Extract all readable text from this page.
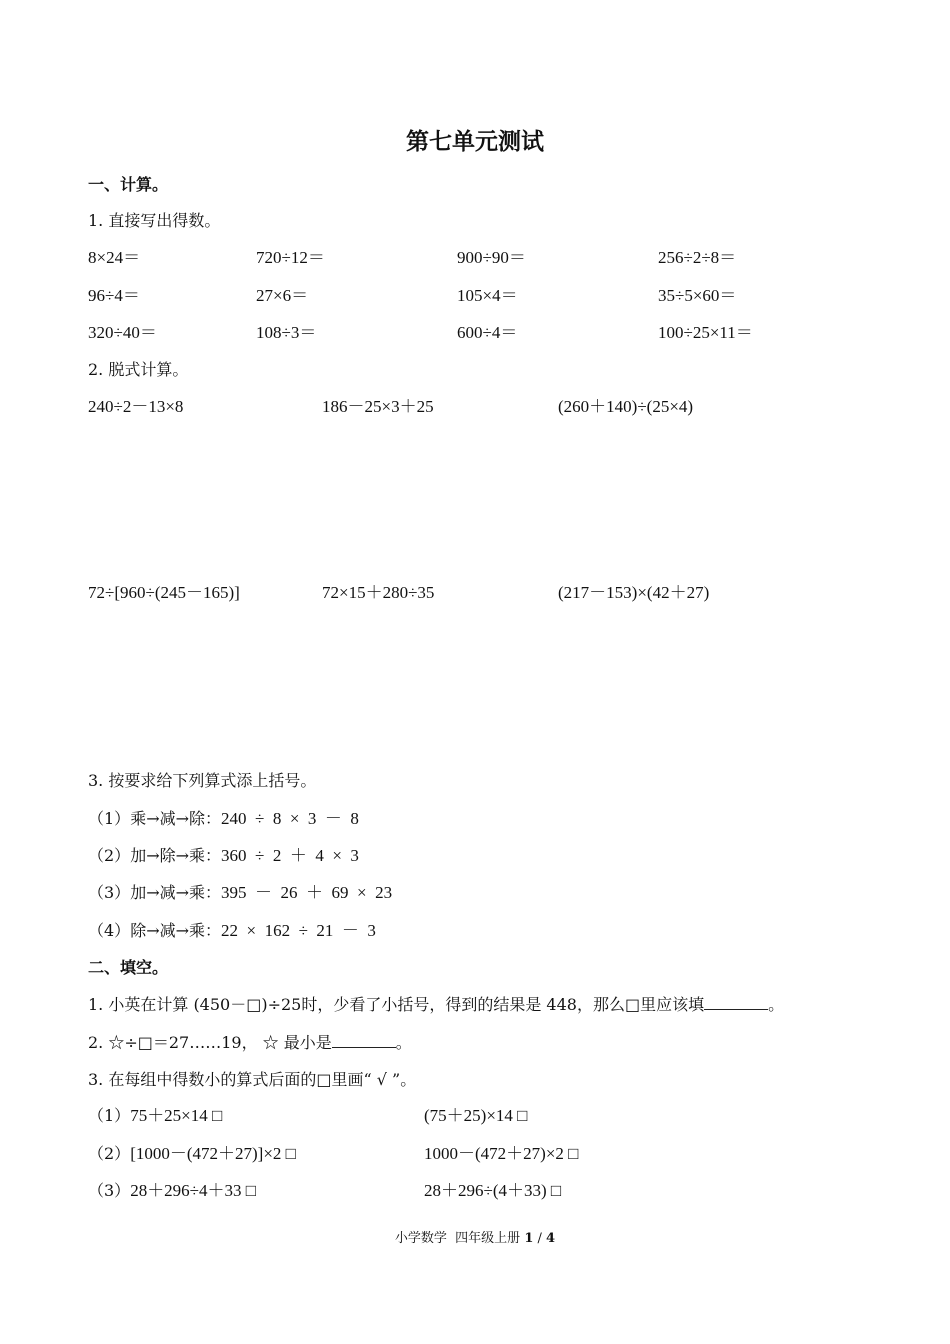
第七单元测试
一、计算。
1. 直接写出得数。
8×24＝	720÷12＝	900÷90＝	256÷2÷8＝
96÷4＝	27×6＝	105×4＝	35÷5×60＝
320÷40＝	108÷3＝	600÷4＝	100÷25×11＝
2. 脱式计算。
240÷2－13×8	186－25×3＋25	(260＋140)÷(25×4)
72÷[960÷(245－165)]	72×15＋280÷35	(217－153)×(42＋27)
3. 按要求给下列算式添上括号。
（1）乘→减→除：240  ÷  8  ×  3  －  8
（2）加→除→乘：360  ÷  2  ＋  4  ×  3
（3）加→减→乘：395  －  26  ＋  69  ×  23
（4）除→减→乘：22  ×  162  ÷  21  －  3
二、填空。
1. 小英在计算 (450－□)÷25时，少看了小括号，得到的结果是 448，那么□里应该填	。
2. ☆÷□＝27……19， ☆ 最小是	。
3. 在每组中得数小的算式后面的□里画“ √ ”。
（1）75＋25×14 □	(75＋25)×14 □
（2）[1000－(472＋27)]×2 □	1000－(472＋27)×2 □
（3）28＋296÷4＋33 □	28＋296÷(4＋33) □
小学数学  四年级上册 1 / 4
